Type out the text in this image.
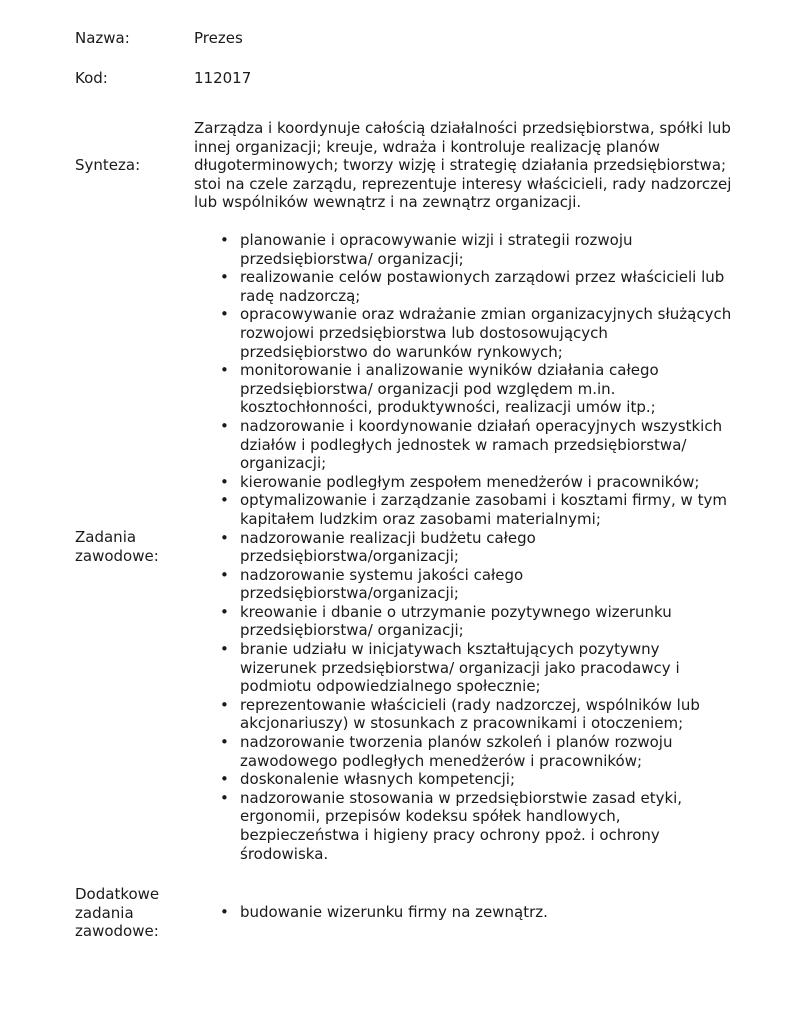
Nazwa:	Prezes
Kod:	112017
Synteza:
Zarządza i koordynuje całością działalności przedsiębiorstwa, spółki lub
innej organizacji; kreuje, wdraża i kontroluje realizację planów
długoterminowych; tworzy wizję i strategię działania przedsiębiorstwa;
stoi na czele zarządu, reprezentuje interesy właścicieli, rady nadzorczej
lub wspólników wewnątrz i na zewnątrz organizacji.
Zadania
zawodowe:
• planowanie i opracowywanie wizji i strategii rozwoju
przedsiębiorstwa/ organizacji;
• realizowanie celów postawionych zarządowi przez właścicieli lub
radę nadzorczą;
• opracowywanie oraz wdrażanie zmian organizacyjnych służących
rozwojowi przedsiębiorstwa lub dostosowujących
przedsiębiorstwo do warunków rynkowych;
• monitorowanie i analizowanie wyników działania całego
przedsiębiorstwa/ organizacji pod względem m.in.
kosztochłonności, produktywności, realizacji umów itp.;
• nadzorowanie i koordynowanie działań operacyjnych wszystkich
działów i podległych jednostek w ramach przedsiębiorstwa/
organizacji;
• kierowanie podległym zespołem menedżerów i pracowników;
• optymalizowanie i zarządzanie zasobami i kosztami firmy, w tym
kapitałem ludzkim oraz zasobami materialnymi;
• nadzorowanie realizacji budżetu całego
przedsiębiorstwa/organizacji;
• nadzorowanie systemu jakości całego
przedsiębiorstwa/organizacji;
• kreowanie i dbanie o utrzymanie pozytywnego wizerunku
przedsiębiorstwa/ organizacji;
• branie udziału w inicjatywach kształtujących pozytywny
wizerunek przedsiębiorstwa/ organizacji jako pracodawcy i
podmiotu odpowiedzialnego społecznie;
• reprezentowanie właścicieli (rady nadzorczej, wspólników lub
akcjonariuszy) w stosunkach z pracownikami i otoczeniem;
• nadzorowanie tworzenia planów szkoleń i planów rozwoju
zawodowego podległych menedżerów i pracowników;
• doskonalenie własnych kompetencji;
• nadzorowanie stosowania w przedsiębiorstwie zasad etyki,
ergonomii, przepisów kodeksu spółek handlowych,
bezpieczeństwa i higieny pracy ochrony ppoż. i ochrony
środowiska.
Dodatkowe
zadania
zawodowe:
• budowanie wizerunku firmy na zewnątrz.
